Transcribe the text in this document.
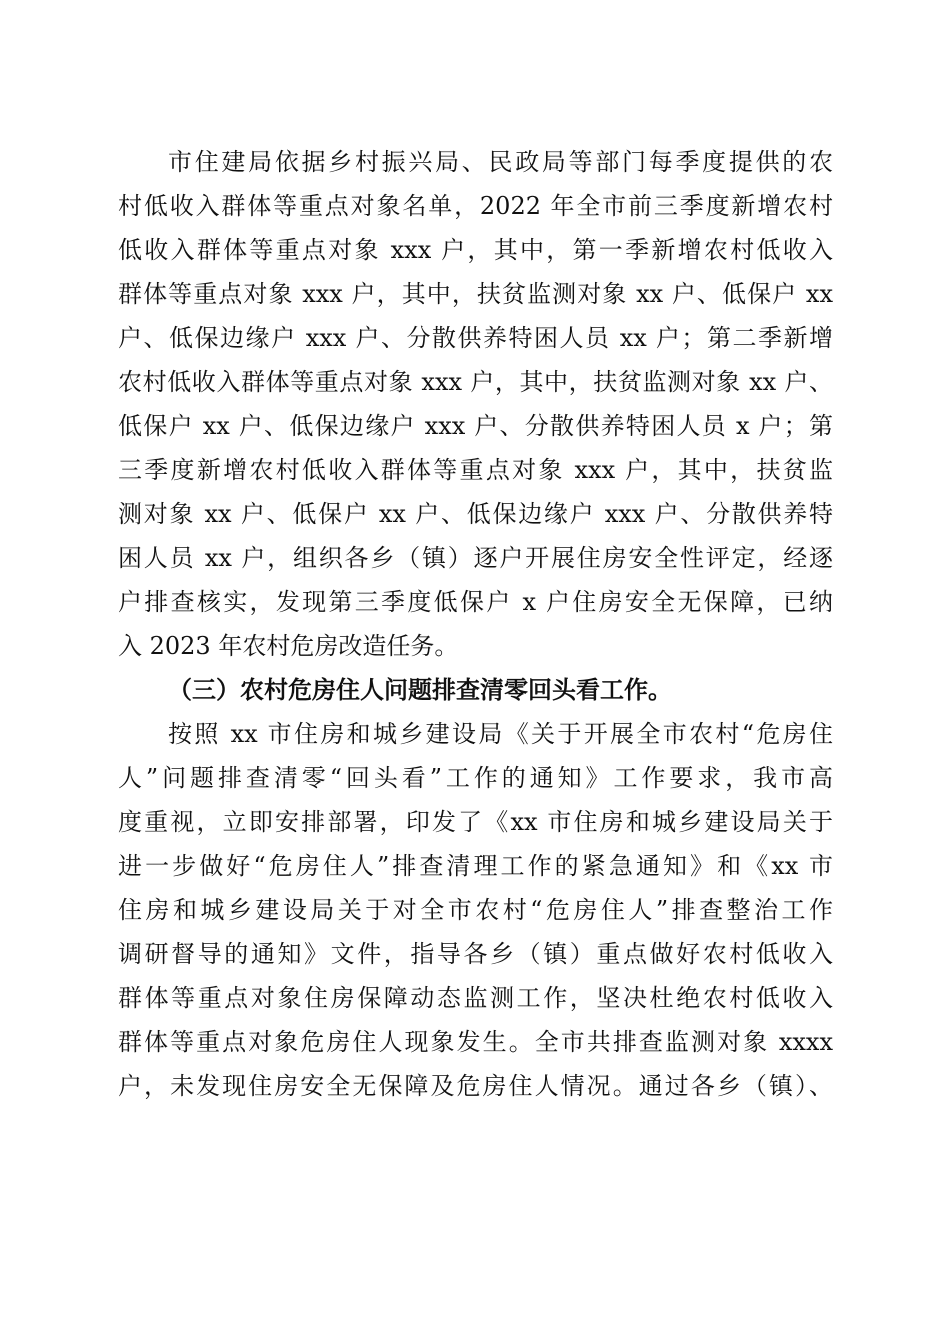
市住建局依据乡村振兴局、民政局等部门每季度提供的农
村低收入群体等重点对象名单，2022 年全市前三季度新增农村
低收入群体等重点对象 xxx 户，其中，第一季新增农村低收入
群体等重点对象 xxx 户，其中，扶贫监测对象 xx 户、低保户 xx
户、低保边缘户 xxx 户、分散供养特困人员 xx 户；第二季新增
农村低收入群体等重点对象 xxx 户，其中，扶贫监测对象 xx 户、
低保户 xx 户、低保边缘户 xxx 户、分散供养特困人员 x 户；第
三季度新增农村低收入群体等重点对象 xxx 户，其中，扶贫监
测对象 xx 户、低保户 xx 户、低保边缘户 xxx 户、分散供养特
困人员 xx 户，组织各乡（镇）逐户开展住房安全性评定，经逐
户排查核实，发现第三季度低保户 x 户住房安全无保障，已纳
入 2023 年农村危房改造任务。
（三）农村危房住人问题排查清零回头看工作。
按照 xx 市住房和城乡建设局《关于开展全市农村“危房住
人”问题排查清零“回头看”工作的通知》工作要求，我市高
度重视，立即安排部署，印发了《xx 市住房和城乡建设局关于
进一步做好“危房住人”排查清理工作的紧急通知》和《xx 市
住房和城乡建设局关于对全市农村“危房住人”排查整治工作
调研督导的通知》文件，指导各乡（镇）重点做好农村低收入
群体等重点对象住房保障动态监测工作，坚决杜绝农村低收入
群体等重点对象危房住人现象发生。全市共排查监测对象 xxxx
户，未发现住房安全无保障及危房住人情况。通过各乡（镇）、
